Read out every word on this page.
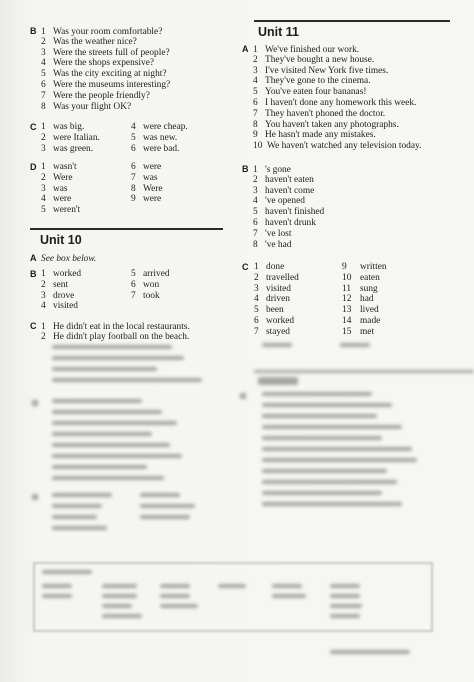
B 1 Was your room comfortable?
2 Was the weather nice?
3 Were the streets full of people?
4 Were the shops expensive?
5 Was the city exciting at night?
6 Were the museums interesting?
7 Were the people friendly?
8 Was your flight OK?
C 1 was big.	4 were cheap.
2 were Italian.	5 was new.
3 was green.	6 were bad.
D 1 wasn't	6 were
2 Were	7 was
3 was	8 Were
4 were	9 were
5 weren't
Unit 10
A See box below.
B 1 worked	5 arrived
2 sent	6 won
3 drove	7 took
4 visited
C 1 He didn't eat in the local restaurants.
2 He didn't play football on the beach.
Unit 11
A 1 We've finished our work.
2 They've bought a new house.
3 I've visited New York five times.
4 They've gone to the cinema.
5 You've eaten four bananas!
6 I haven't done any homework this week.
7 They haven't phoned the doctor.
8 You haven't taken any photographs.
9 He hasn't made any mistakes.
10 We haven't watched any television today.
B 1 's gone
2 haven't eaten
3 haven't come
4 've opened
5 haven't finished
6 haven't drunk
7 've lost
8 've had
C 1 done	9 written
2 travelled	10 eaten
3 visited	11 sung
4 driven	12 had
5 been	13 lived
6 worked	14 made
7 stayed	15 met
